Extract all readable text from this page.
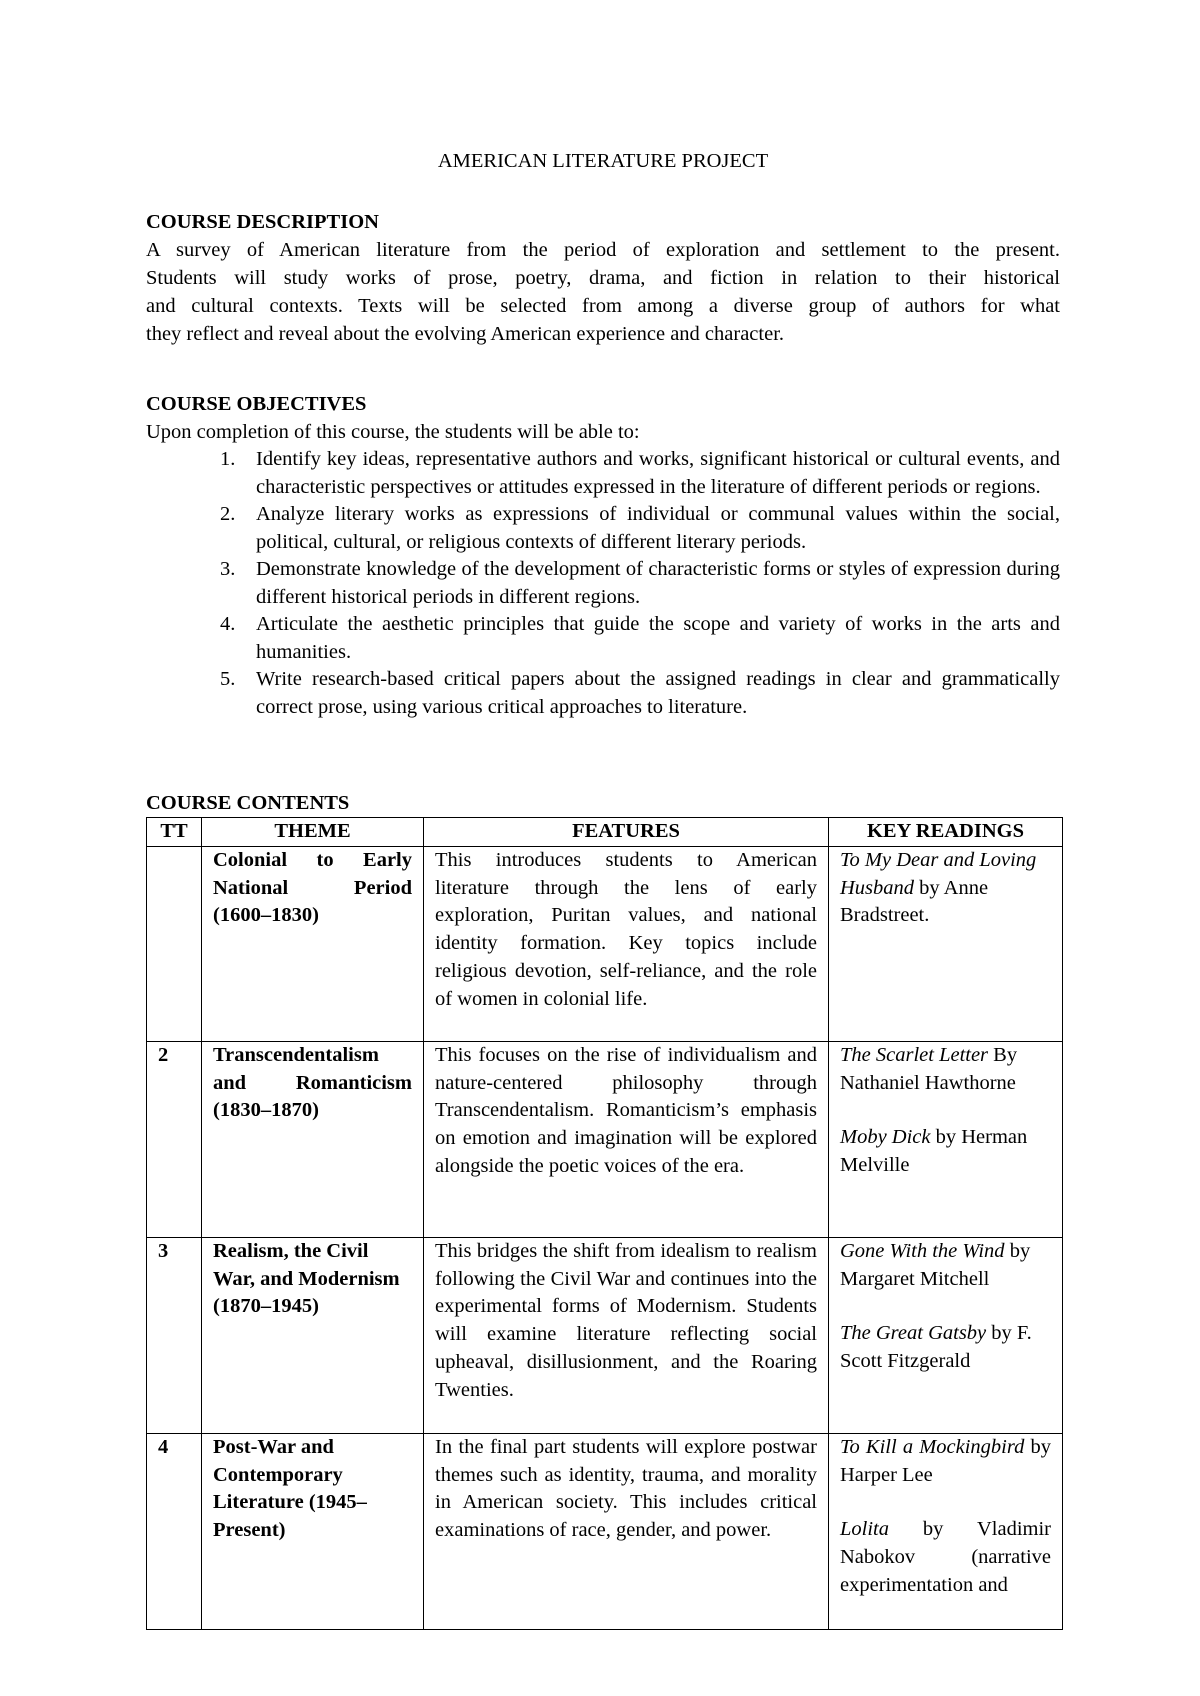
AMERICAN LITERATURE PROJECT
COURSE DESCRIPTION

A survey of American literature from the period of exploration and settlement to the present.

Students will study works of prose, poetry, drama, and fiction in relation to their historical

and cultural contexts. Texts will be selected from among a diverse group of authors for what

they reflect and reveal about the evolving American experience and character.

COURSE OBJECTIVES
Upon completion of this course, the students will be able to:
1. Identify key ideas, representative authors and works, significant historical or cultural events, and characteristic perspectives or attitudes expressed in the literature of different periods or regions.
2. Analyze literary works as expressions of individual or communal values within the social, political, cultural, or religious contexts of different literary periods.
3. Demonstrate knowledge of the development of characteristic forms or styles of expression during different historical periods in different regions.
4. Articulate the aesthetic principles that guide the scope and variety of works in the arts and humanities.
5. Write research-based critical papers about the assigned readings in clear and grammatically correct prose, using various critical approaches to literature.
COURSE CONTENTS
TT	THEME	FEATURES	KEY READINGS
	Colonial to Early National Period (1600–1830)	This introduces students to American literature through the lens of early exploration, Puritan values, and national identity formation. Key topics include religious devotion, self-reliance, and the role of women in colonial life.	To My Dear and Loving Husband by Anne Bradstreet.

2	Transcendentalism and Romanticism (1830–1870)	This focuses on the rise of individualism and nature-centered philosophy through Transcendentalism. Romanticism’s emphasis on emotion and imagination will be explored alongside the poetic voices of the era.	The Scarlet Letter By Nathaniel Hawthorne
Moby Dick by Herman Melville

3	Realism, the Civil War, and Modernism (1870–1945)	This bridges the shift from idealism to realism following the Civil War and continues into the experimental forms of Modernism. Students will examine literature reflecting social upheaval, disillusionment, and the Roaring Twenties.	Gone With the Wind by Margaret Mitchell
The Great Gatsby by F. Scott Fitzgerald

4	Post-War and Contemporary Literature (1945–Present)	In the final part students will explore postwar themes such as identity, trauma, and morality in American society. This includes critical examinations of race, gender, and power.	To Kill a Mockingbird by Harper Lee
Lolita by Vladimir Nabokov (narrative experimentation and
